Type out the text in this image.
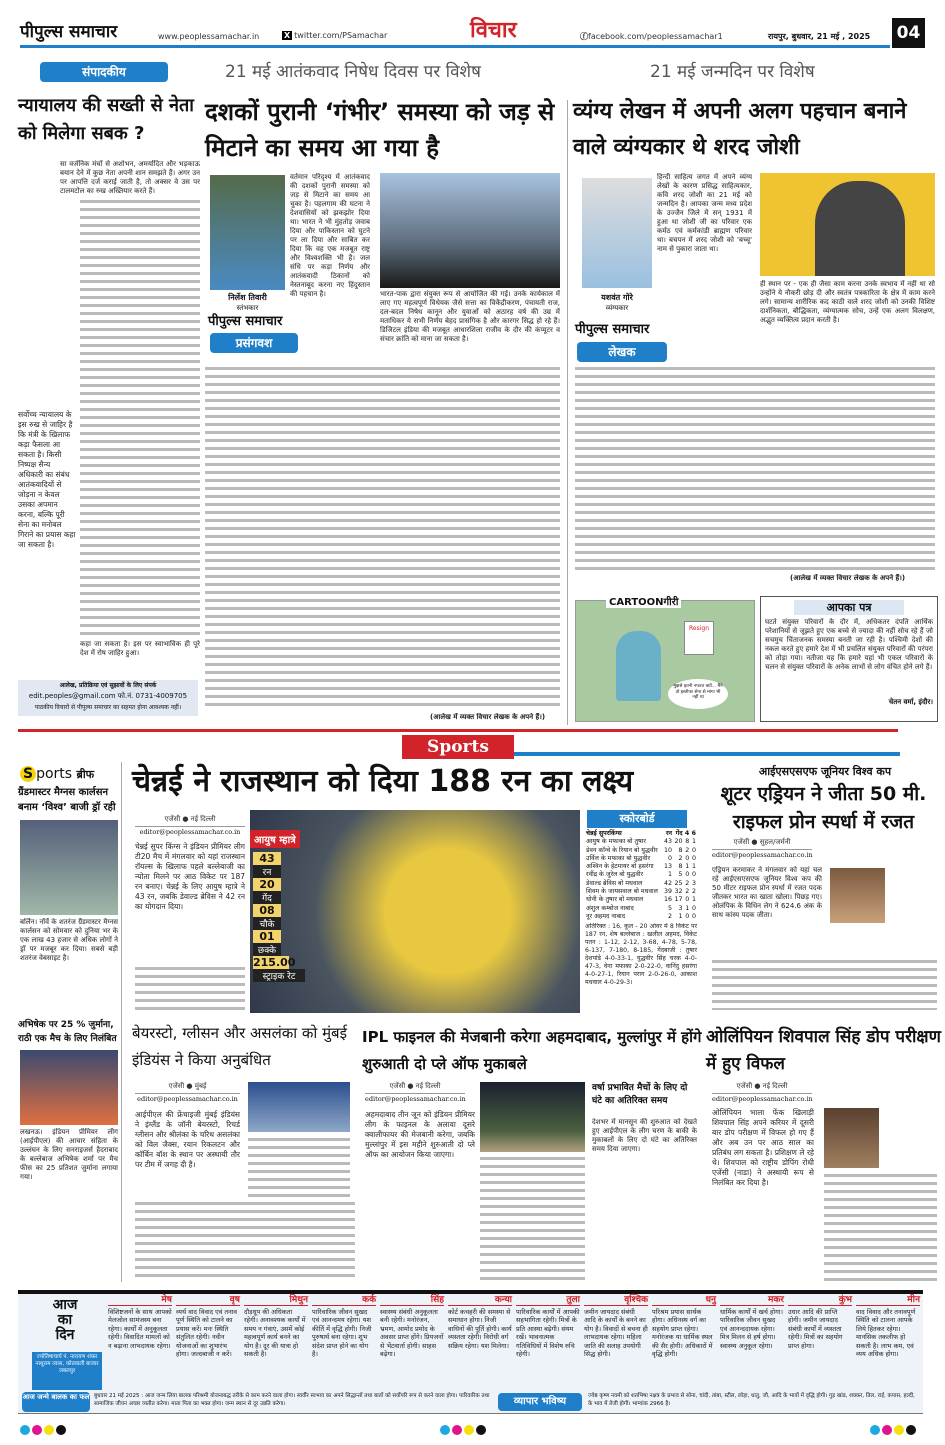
पीपुल्स समाचार	www.peoplessamachar.in	X twitter.com/PSamachar	विचार	ⓕfacebook.com/peoplessamachar1	रायपुर, बुधवार, 21 मई , 2025 04
संपादकीय
न्यायालय की सख्ती से नेता को मिलेगा सबक ?
सा वर्जनिक मंचों से अशोभन, अमर्यादित और भड़काऊ बयान देने में कुछ नेता अपनी शान समझते हैं। अगर उन पर आपत्ति दर्ज कराई जाती है, तो अक्सर वे उस पर टालमटोल का रुख अख्तियार करते हैं।
सर्वोच्च न्यायालय के इस रुख से जाहिर है कि मंत्री के खिलाफ कड़ा फैसला आ सकता है। किसी निष्पक्ष सैन्य अधिकारी का संबंध आतंकवादियों से जोड़ना न केवल उसका अपमान करना, बल्कि पूरी सेना का मनोबल गिराने का प्रयास कहा जा सकता है।
कहा जा सकता है। इस पर स्वाभाविक ही पूरे देश में रोष जाहिर हुआ।
आलेख, प्रतिक्रिया एवं सुझावों के लिए संपर्क
edit.peoples@gmail.com फो.नं. 0731-4009705
पाठकीय विचारों से पीपुल्स समाचार का सहमत होना आवश्यक नहीं।
21 मई आतंकवाद निषेध दिवस पर विशेष
दशकों पुरानी ‘गंभीर’ समस्या को जड़ से मिटाने का समय आ गया है
निर्लेश तिवारी
स्तंभकार
पीपुल्स समाचार
प्रसंगवश
वर्तमान परिदृश्य में आतंकवाद की दशकों पुरानी समस्या को जड़ से मिटाने का समय आ चुका है। पहलगाम की घटना ने देशवासियों को झकझोर दिया था। भारत ने भी मुंहतोड़ जवाब दिया और पाकिस्तान को घुटने पर ला दिया और साबित कर दिया कि वह एक मजबूत राष्ट्र और विश्वशक्ति भी है। जल संधि पर कड़ा निर्णय और आतंकवादी ठिकानों को नेस्तनाबूद करना नए हिंदुस्तान की पहचान है।	भारत-पाक द्वारा संयुक्त रूप से आयोजित की गई। उनके कार्यकाल में लाए गए महत्वपूर्ण विधेयक जैसे सत्ता का विकेंद्रीकरण, पंचायती राज, दल-बदल निषेध कानून और युवाओं को अठारह वर्ष की उम्र में मताधिकर ये सभी निर्णय बेहद प्रासंगिक है और कारगर सिद्ध हो रहे हैं। डिजिटल इंडिया की मजबूत आधारशिला राजीव के दौर की कंप्यूटर व संचार क्रांति को माना जा सकता है।
(आलेख में व्यक्त विचार लेखक के अपने हैं।)
21 मई जन्मदिन पर विशेष
व्यंग्य लेखन में अपनी अलग पहचान बनाने वाले व्यंग्यकार थे शरद जोशी
यशवंत गोरे
व्यंग्यकार
पीपुल्स समाचार
लेखक
हिन्दी साहित्य जगत में अपने व्यंग्य लेखों के कारण प्रसिद्ध साहित्यकार, कवि शरद जोशी का 21 मई को जन्मदिन है। आपका जन्म मध्य प्रदेश के उज्जैन जिले में सन् 1931 में हुआ था जोशी जी का परिवार एक कर्मठ एवं कर्मकांडी ब्राह्मण परिवार था। बचपन में शरद जोशी को 'बच्चू' नाम से पुकारा जाता था।
ही स्थान पर - एक ही जैसा काम करना उनके स्वभाव में नहीं था सो उन्होंने ये नौकरी छोड़ दी और स्वतंत्र पत्रकारिता के क्षेत्र में काम करने लगे। सामान्य शारीरिक कद काठी वाले शरद जोशी को उनकी विशिष्ट दार्शनिकता, बौद्धिकता, व्यंग्यात्मक सोच, उन्हें एक अलग विलक्षण, अद्भुत व्यक्तित्व प्रदान करती है।
(आलेख में व्यक्त विचार लेखक के अपने हैं।)
CARTOONगीरी
Resign
मुझसे इतनी नफरत क्यों... मैंने तो इस्तीफा सेना से मांगा भी नहीं था
आपका पत्र
घटते संयुक्त परिवारों के दौर में, अधिकतर दंपति आर्थिक परेशानियों से जूझते हुए एक बच्चे से ज्यादा की नहीं सोच रहे हैं जो सचमुच चिंताजनक समस्या बनती जा रही है। पश्चिमी देशों की नकल करते हुए हमारे देश में भी प्रचलित संयुक्त परिवारों की परंपरा को तोड़ा गया। नतीजा यह कि हमारे यहां भी एकल परिवारों के चलन से संयुक्त परिवारों के अनेक लाभों से लोग वंचित होने लगे हैं।
चेतन वर्मा, इंदौर।
Sports
S ports ब्रीफ
ग्रैंडमास्टर मैग्नस कार्लसन बनाम ‘विश्व’ बाजी ड्रॉ रही
बर्लिन। नॉर्वे के शतरंज ग्रैंडमास्टर मैग्नस कार्लसन को सोमवार को दुनिया भर के एक लाख 43 हजार से अधिक लोगों ने ड्रॉ पर मजबूर कर दिया। सबसे बड़ी शतरंज वेबसाइट है।
अभिषेक पर 25 % जुर्माना, राठी एक मैच के लिए निलंबित
लखनऊ। इंडियन प्रीमियर लीग (आईपीएल) की आचार संहिता के उल्लंघन के लिए सनराइजर्स हैदराबाद के बल्लेबाज अभिषेक शर्मा पर मैच फीस का 25 प्रतिशत जुर्माना लगाया गया।
चेन्नई ने राजस्थान को दिया 188 रन का लक्ष्य
एजेंसी ● नई दिल्ली
editor@peoplessamachar.co.in
चेन्नई सुपर किंग्स ने इंडियन प्रीमियर लीग टी20 मैच में मंगलवार को यहां राजस्थान रॉयल्स के खिलाफ पहले बल्लेबाजी का न्योता मिलने पर आठ विकेट पर 187 रन बनाए। चेन्नई के लिए आयुष म्हात्रे ने 43 रन, जबकि डेवाल्ड ब्रेविस ने 42 रन का योगदान दिया।
आयुष म्हात्रे
43
रन
20
गेंद
08
चौके
01
छक्के
215.00
स्ट्राइक रेट
स्कोरबोर्ड
चेन्नई सुपरकिंग्स	रन	गेंद	4	6
आयुष के मफाका बो तुषार	43	20	8	1
डेवन कॉन्वे के रियान बो युद्धवीर	10	8	2	0
उर्विल के मफाका बो युद्धवीर	0	2	0	0
अश्विन के हेटमायर बो हसरंगा	13	8	1	1
रवींद्र के जुरेल बो युद्धवीर	1	5	0	0
डेवाल्ड ब्रेविस बो मधवाल	42	25	2	3
शिवम के जायसवाल बो मधवाल	39	32	2	2
धोनी के तुषार बो मधवाल	16	17	0	1
अंशुल कम्बोज नाबाद	5	3	1	0
नूर अहमद नाबाद	2	1	0	0
अतिरिक्त : 16, कुल - 20 ओवर में 8 विकेट पर 187 रन, शेष बल्लेबाज : खलील अहमद, विकेट पतन : 1-12, 2-12, 3-68, 4-78, 5-78, 6-137, 7-180, 8-185, गेंदबाजी : तुषार देशपांडे 4-0-33-1, युद्धवीर सिंह चरक 4-0-47-3, वेना मफाका 2-0-22-0, वानिंदु हसरंगा 4-0-27-1, रियान पराग 2-0-26-0, आकाश मधवाल 4-0-29-3।
आईएसएसएफ जूनियर विश्व कप
शूटर एड्रियन ने जीता 50 मी. राइफल प्रोन स्पर्धा में रजत
एजेंसी ● सुहल/जर्मनी
editor@peoplessamachar.co.in
एड्रियन करमाकर ने मंगलवार को यहां चल रहे आईएसएसएफ जूनियर विश्व कप की 50 मीटर राइफल प्रोन स्पर्धा में रजत पदक जीतकर भारत का खाता खोला। पिछड़ गए। ओलंपिक के विधिन लेग ने 624.6 अंक के साथ कांस्य पदक जीता।
बेयरस्टो, ग्लीसन और असलंका को मुंबई इंडियंस ने किया अनुबंधित
एजेंसी ● मुंबई
editor@peoplessamachar.co.in
आईपीएल की फ्रेंचाइजी मुंबई इंडियंस ने इंग्लैंड के जॉनी बेयरस्टो, रिचर्ड ग्लीसन और श्रीलंका के चरिथ असलंका को विल जैक्स, रयान रिकलटन और कॉर्बिन बॉश के स्थान पर अस्थायी तौर पर टीम में जगह दी है।
IPL फाइनल की मेजबानी करेगा अहमदाबाद, मुल्लांपुर में होंगे शुरुआती दो प्ले ऑफ मुकाबले
एजेंसी ● नई दिल्ली
editor@peoplessamachar.co.in
अहमदाबाद तीन जून को इंडियन प्रीमियर लीग के फाइनल के अलावा दूसरे क्वालीफायर की मेजबानी करेगा, जबकि मुल्लांपुर में इस महीने शुरुआती दो प्ले ऑफ का आयोजन किया जाएगा।
वर्षा प्रभावित मैचों के लिए दो घंटे का अतिरिक्त समय
देशभर में मानसून की शुरुआत को देखते हुए आईपीएल के लीग चरण के बाकी के मुकाबलों के लिए दो घंटे का अतिरिक्त समय दिया जाएगा।
ओलिंपियन शिवपाल सिंह डोप परीक्षण में हुए विफल
एजेंसी ● नई दिल्ली
editor@peoplessamachar.co.in
ओलिंपियन भाला फेंक खिलाड़ी शिवपाल सिंह अपने करियर में दूसरी बार डोप परीक्षण में विफल हो गए हैं और अब उन पर आठ साल का प्रतिबंध लग सकता है। प्रशिक्षण ले रहे थे। शिवपाल को राष्ट्रीय डोपिंग रोधी एजेंसी (नाडा) ने अस्थायी रूप से निलंबित कर दिया है।
आज
का
दिन
ज्योतिषाचार्य पं. नारायण शंकर नाथूराम व्यास, कोतवाली बाजार जबलपुर
मेष
विशिष्टजनों के साथ आपको मेलजोल सामंजस्य बना रहेगा। कार्यों में अनुकूलता रहेगी। विवादित मामलों को न बढ़ाना लाभदायक रहेगा।
वृष
व्यर्थ वाद विवाद एवं तनाव पूर्ण स्थिति को टालने का प्रयास करें। मनः स्थिति संतुलित रहेगी। नवीन योजनाओं का शुभारंभ होगा। जल्दबाजी न करें।
मिथुन
दौड़धूप की अधिकता रहेगी। अनावश्यक कार्यों में समय न गंवाएं, उसमें कोई महत्वपूर्ण कार्य बनने का योग है। दूर की यात्रा हो सकती है।
कर्क
पारिवारिक जीवन सुखद एवं आनन्दमय रहेगा। यश कीर्ति में वृद्धि होगी। निजी पुरुषार्थ बना रहेगा। शुभ संदेश प्राप्त होने का योग है।
सिंह
स्वास्थ्य संबंधी अनुकूलता बनी रहेगी। मनोरंजन, भ्रमण, आमोद प्रमोद के अवसर प्राप्त होंगे। प्रियजनों से भेंटवार्ता होगी। साहस बढ़ेगा।
कन्या
कोर्ट कचहरी की समस्या से समाधान होगा। निजी वाधिनों की पूर्ति होगी। कार्य व्यस्तता रहेगी। विरोधी वर्ग सक्रिय रहेगा। यश मिलेगा।
तुला
पारिवारिक कार्यों में आपकी सहभागिता रहेगी। मित्रों के प्रति आस्था बढ़ेगी। संयम रखें। भावनात्मक गतिविधियों में विशेष रुचि रहेगी।
वृश्चिक
जमीन जायदाद संबंधी आदि के कार्यों के बनने का योग है। विवादों से बचना ही लाभदायक रहेगा। महिला जाति की सलाह उपयोगी सिद्ध होगी।
धनु
परिश्रम प्रयास सार्थक होगा। अधिनस्थ वर्ग का सहयोग प्राप्त रहेगा। मनोरंजक या धार्मिक स्थल की सैर होगी। अधिकारों में वृद्धि होगी।
मकर
धार्मिक कार्यों में खर्च होगा। पारिवारिक जीवन सुखद एवं आनन्ददायक रहेगा। मित्र मिलन से हर्ष होगा। स्वास्थ्य अनुकूल रहेगा।
कुंभ
उधार आदि की प्राप्ति होगी। जमीन जायदाद संबंधी कार्यों में व्यस्तता रहेगी। मित्रों का सहयोग प्राप्त होगा।
मीन
वाद विवाद और तनावपूर्ण स्थिति को टालना आपके लिये हितकर रहेगा। मानसिक तकलीफ हो सकती है। लाभ कम, एवं व्यय अधिक होगा।
आज जन्मे बालक का फल बुधवार 21 मई 2025 : आज जन्म लिया बालक परिश्रमी योजनाबद्ध तरीके से काम करने वाला होगा। स्वर्वीर स्वभाव का अपने सिद्धान्तों तथा बातों को सर्वोपरि रूप से करने वाला होगा। पारिवारिक तथा सामाजिक जीवन अच्छा व्यतीत करेगा। माता पिता का भक्त होगा। जन्म स्थान से दूर उन्नति करेगा।	व्यापार भविष्य	ज्येष्ठ कृष्ण नवमी को शतभिषा नक्षत्र के प्रभाव से सोना, चांदी, तांबा, स्टील, लोहा, धातु, जौ, आदि के भावों में वृद्धि होगी। गुड़ खांड, शक्कर, तिल, राई, कपास, हल्दी, के भाव में तेजी होगी। भाग्यांक 2966 है।
